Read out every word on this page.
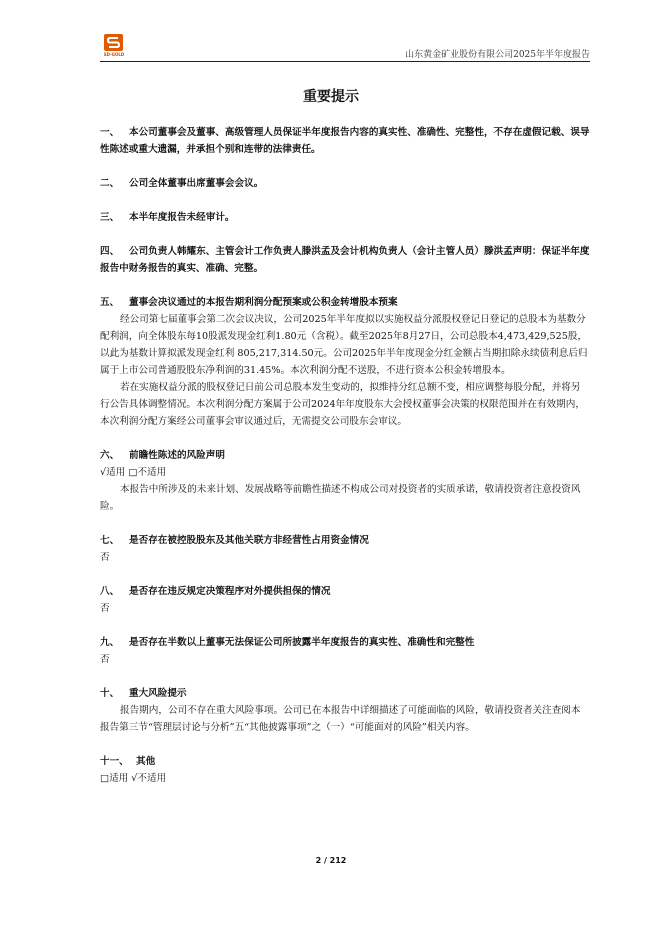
SD-GOLD	山东黄金矿业股份有限公司2025年半年度报告
重要提示

一、 本公司董事会及董事、高级管理人员保证半年度报告内容的真实性、准确性、完整性，不存在虚假记载、误导性陈述或重大遗漏，并承担个别和连带的法律责任。

二、 公司全体董事出席董事会会议。

三、 本半年度报告未经审计。

四、 公司负责人韩耀东、主管会计工作负责人滕洪孟及会计机构负责人（会计主管人员）滕洪孟声明：保证半年度报告中财务报告的真实、准确、完整。

五、 董事会决议通过的本报告期利润分配预案或公积金转增股本预案

经公司第七届董事会第二次会议决议，公司2025年半年度拟以实施权益分派股权登记日登记的总股本为基数分配利润，向全体股东每10股派发现金红利1.80元（含税）。截至2025年8月27日，公司总股本4,473,429,525股，以此为基数计算拟派发现金红利 805,217,314.50元。公司2025年半年度现金分红金额占当期扣除永续债利息后归属于上市公司普通股股东净利润的31.45%。本次利润分配不送股，不进行资本公积金转增股本。

若在实施权益分派的股权登记日前公司总股本发生变动的，拟维持分红总额不变，相应调整每股分配，并将另行公告具体调整情况。本次利润分配方案属于公司2024年年度股东大会授权董事会决策的权限范围并在有效期内，本次利润分配方案经公司董事会审议通过后，无需提交公司股东会审议。

六、 前瞻性陈述的风险声明

√适用 □不适用

本报告中所涉及的未来计划、发展战略等前瞻性描述不构成公司对投资者的实质承诺，敬请投资者注意投资风险。

七、 是否存在被控股股东及其他关联方非经营性占用资金情况

否

八、 是否存在违反规定决策程序对外提供担保的情况

否

九、 是否存在半数以上董事无法保证公司所披露半年度报告的真实性、准确性和完整性

否

十、 重大风险提示

报告期内，公司不存在重大风险事项。公司已在本报告中详细描述了可能面临的风险，敬请投资者关注查阅本报告第三节“管理层讨论与分析”五“其他披露事项”之（一）“可能面对的风险”相关内容。

十一、 其他

□适用 √不适用

2 / 212
